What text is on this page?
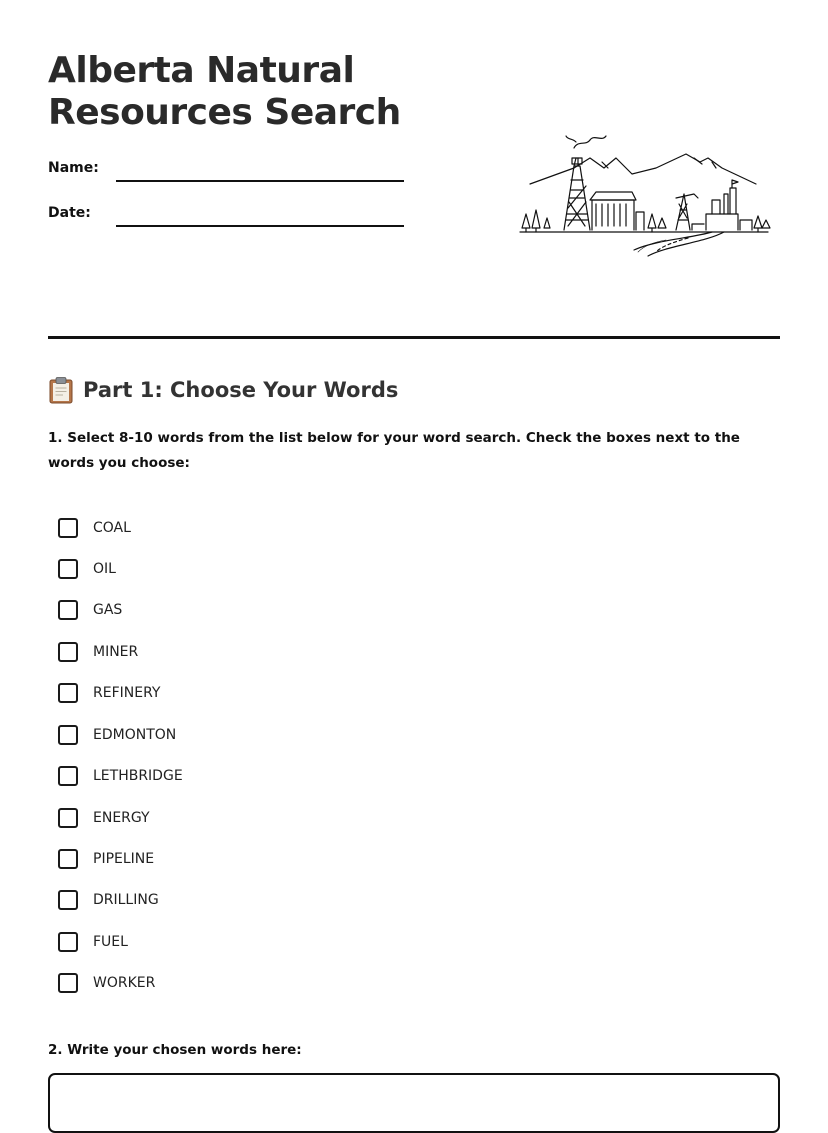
Alberta Natural
Resources Search
Name:
Date:
Part 1: Choose Your Words

1. Select 8-10 words from the list below for your word search. Check the boxes next to the words you choose:

COAL
OIL
GAS
MINER
REFINERY
EDMONTON
LETHBRIDGE
ENERGY
PIPELINE
DRILLING
FUEL
WORKER
2. Write your chosen words here:
